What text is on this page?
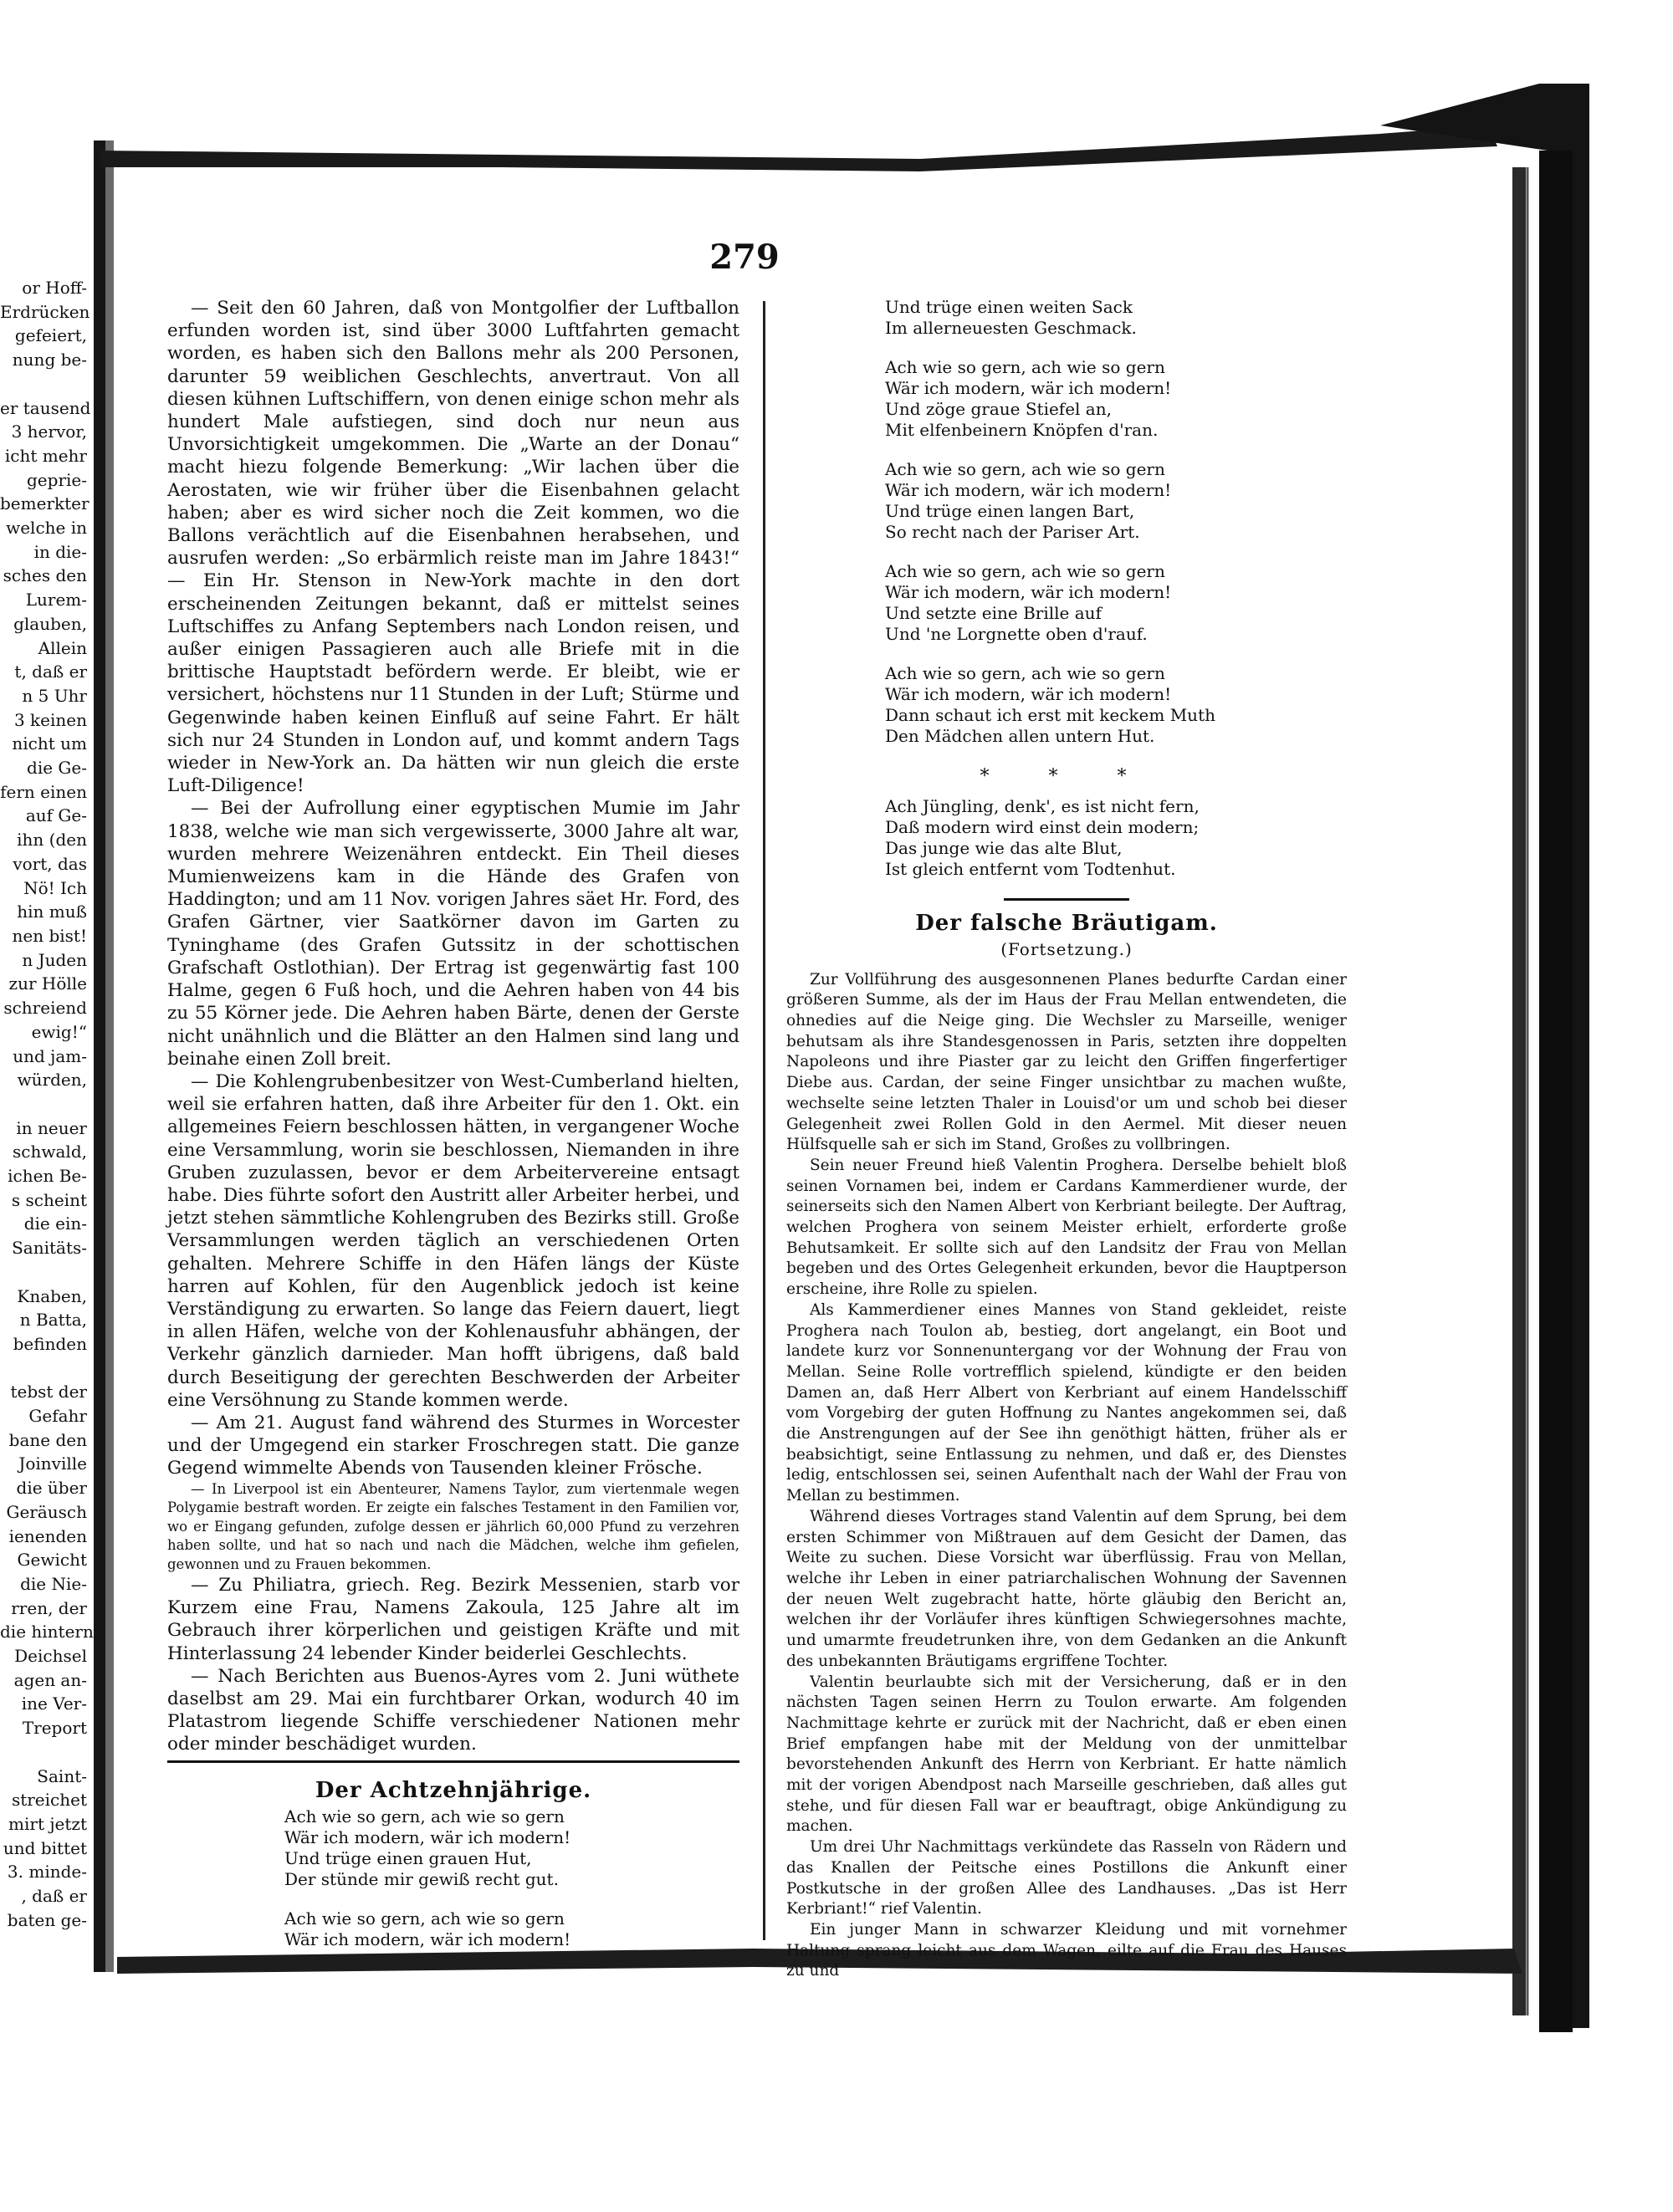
or Hoff-
Erdrücken
gefeiert,
nung be-

er tausend
3 hervor,
icht mehr
geprie-
bemerkter
welche in
in die-
sches den
Lurem-
glauben,
Allein
t, daß er
n 5 Uhr
3 keinen
nicht um
die Ge-
fern einen
auf Ge-
ihn (den
vort, das
Nö! Ich
hin muß
nen bist!
n Juden
zur Hölle
schreiend
ewig!“
und jam-
würden,

in neuer
schwald,
ichen Be-
s scheint
die ein-
Sanitäts-

Knaben,
n Batta,
befinden

tebst der
Gefahr
bane den
Joinville
die über
Geräusch
ienenden
Gewicht
die Nie-
rren, der
die hintern
Deichsel
agen an-
ine Ver-
Treport

Saint-
streichet
mirt jetzt
und bittet
3. minde-
, daß er
baten ge-
279

— Seit den 60 Jahren, daß von Montgolfier der Luftballon erfunden worden ist, sind über 3000 Luftfahrten gemacht worden, es haben sich den Ballons mehr als 200 Personen, darunter 59 weiblichen Geschlechts, anvertraut. Von all diesen kühnen Luftschiffern, von denen einige schon mehr als hundert Male aufstiegen, sind doch nur neun aus Unvorsichtigkeit umgekommen. Die „Warte an der Donau“ macht hiezu folgende Bemerkung: „Wir lachen über die Aerostaten, wie wir früher über die Eisenbahnen gelacht haben; aber es wird sicher noch die Zeit kommen, wo die Ballons verächtlich auf die Eisenbahnen herabsehen, und ausrufen werden: „So erbärmlich reiste man im Jahre 1843!“ — Ein Hr. Stenson in New-York machte in den dort erscheinenden Zeitungen bekannt, daß er mittelst seines Luftschiffes zu Anfang Septembers nach London reisen, und außer einigen Passagieren auch alle Briefe mit in die brittische Hauptstadt befördern werde. Er bleibt, wie er versichert, höchstens nur 11 Stunden in der Luft; Stürme und Gegenwinde haben keinen Einfluß auf seine Fahrt. Er hält sich nur 24 Stunden in London auf, und kommt andern Tags wieder in New-York an. Da hätten wir nun gleich die erste Luft-Diligence!

— Bei der Aufrollung einer egyptischen Mumie im Jahr 1838, welche wie man sich vergewisserte, 3000 Jahre alt war, wurden mehrere Weizenähren entdeckt. Ein Theil dieses Mumienweizens kam in die Hände des Grafen von Haddington; und am 11 Nov. vorigen Jahres säet Hr. Ford, des Grafen Gärtner, vier Saatkörner davon im Garten zu Tyninghame (des Grafen Gutssitz in der schottischen Grafschaft Ostlothian). Der Ertrag ist gegenwärtig fast 100 Halme, gegen 6 Fuß hoch, und die Aehren haben von 44 bis zu 55 Körner jede. Die Aehren haben Bärte, denen der Gerste nicht unähnlich und die Blätter an den Halmen sind lang und beinahe einen Zoll breit.

— Die Kohlengrubenbesitzer von West-Cumberland hielten, weil sie erfahren hatten, daß ihre Arbeiter für den 1. Okt. ein allgemeines Feiern beschlossen hätten, in vergangener Woche eine Versammlung, worin sie beschlossen, Niemanden in ihre Gruben zuzulassen, bevor er dem Arbeitervereine entsagt habe. Dies führte sofort den Austritt aller Arbeiter herbei, und jetzt stehen sämmtliche Kohlengruben des Bezirks still. Große Versammlungen werden täglich an verschiedenen Orten gehalten. Mehrere Schiffe in den Häfen längs der Küste harren auf Kohlen, für den Augenblick jedoch ist keine Verständigung zu erwarten. So lange das Feiern dauert, liegt in allen Häfen, welche von der Kohlenausfuhr abhängen, der Verkehr gänzlich darnieder. Man hofft übrigens, daß bald durch Beseitigung der gerechten Beschwerden der Arbeiter eine Versöhnung zu Stande kommen werde.

— Am 21. August fand während des Sturmes in Worcester und der Umgegend ein starker Froschregen statt. Die ganze Gegend wimmelte Abends von Tausenden kleiner Frösche.

— In Liverpool ist ein Abenteurer, Namens Taylor, zum viertenmale wegen Polygamie bestraft worden. Er zeigte ein falsches Testament in den Familien vor, wo er Eingang gefunden, zufolge dessen er jährlich 60,000 Pfund zu verzehren haben sollte, und hat so nach und nach die Mädchen, welche ihm gefielen, gewonnen und zu Frauen bekommen.

— Zu Philiatra, griech. Reg. Bezirk Messenien, starb vor Kurzem eine Frau, Namens Zakoula, 125 Jahre alt im Gebrauch ihrer körperlichen und geistigen Kräfte und mit Hinterlassung 24 lebender Kinder beiderlei Geschlechts.

— Nach Berichten aus Buenos-Ayres vom 2. Juni wüthete daselbst am 29. Mai ein furchtbarer Orkan, wodurch 40 im Platastrom liegende Schiffe verschiedener Nationen mehr oder minder beschädiget wurden.

Der Achtzehnjährige.
Ach wie so gern, ach wie so gern
Wär ich modern, wär ich modern!
Und trüge einen grauen Hut,
Der stünde mir gewiß recht gut.
Ach wie so gern, ach wie so gern
Wär ich modern, wär ich modern!
Und trüge einen weiten Sack
Im allerneuesten Geschmack.
Ach wie so gern, ach wie so gern
Wär ich modern, wär ich modern!
Und zöge graue Stiefel an,
Mit elfenbeinern Knöpfen d'ran.
Ach wie so gern, ach wie so gern
Wär ich modern, wär ich modern!
Und trüge einen langen Bart,
So recht nach der Pariser Art.
Ach wie so gern, ach wie so gern
Wär ich modern, wär ich modern!
Und setzte eine Brille auf
Und 'ne Lorgnette oben d'rauf.
Ach wie so gern, ach wie so gern
Wär ich modern, wär ich modern!
Dann schaut ich erst mit keckem Muth
Den Mädchen allen untern Hut.
* * *
Ach Jüngling, denk', es ist nicht fern,
Daß modern wird einst dein modern;
Das junge wie das alte Blut,
Ist gleich entfernt vom Todtenhut.
Der falsche Bräutigam.
(Fortsetzung.)

Zur Vollführung des ausgesonnenen Planes bedurfte Cardan einer größeren Summe, als der im Haus der Frau Mellan entwendeten, die ohnedies auf die Neige ging. Die Wechsler zu Marseille, weniger behutsam als ihre Standesgenossen in Paris, setzten ihre doppelten Napoleons und ihre Piaster gar zu leicht den Griffen fingerfertiger Diebe aus. Cardan, der seine Finger unsichtbar zu machen wußte, wechselte seine letzten Thaler in Louisd'or um und schob bei dieser Gelegenheit zwei Rollen Gold in den Aermel. Mit dieser neuen Hülfsquelle sah er sich im Stand, Großes zu vollbringen.

Sein neuer Freund hieß Valentin Proghera. Derselbe behielt bloß seinen Vornamen bei, indem er Cardans Kammerdiener wurde, der seinerseits sich den Namen Albert von Kerbriant beilegte. Der Auftrag, welchen Proghera von seinem Meister erhielt, erforderte große Behutsamkeit. Er sollte sich auf den Landsitz der Frau von Mellan begeben und des Ortes Gelegenheit erkunden, bevor die Hauptperson erscheine, ihre Rolle zu spielen.

Als Kammerdiener eines Mannes von Stand gekleidet, reiste Proghera nach Toulon ab, bestieg, dort angelangt, ein Boot und landete kurz vor Sonnenuntergang vor der Wohnung der Frau von Mellan. Seine Rolle vortrefflich spielend, kündigte er den beiden Damen an, daß Herr Albert von Kerbriant auf einem Handelsschiff vom Vorgebirg der guten Hoffnung zu Nantes angekommen sei, daß die Anstrengungen auf der See ihn genöthigt hätten, früher als er beabsichtigt, seine Entlassung zu nehmen, und daß er, des Dienstes ledig, entschlossen sei, seinen Aufenthalt nach der Wahl der Frau von Mellan zu bestimmen.

Während dieses Vortrages stand Valentin auf dem Sprung, bei dem ersten Schimmer von Mißtrauen auf dem Gesicht der Damen, das Weite zu suchen. Diese Vorsicht war überflüssig. Frau von Mellan, welche ihr Leben in einer patriarchalischen Wohnung der Savennen der neuen Welt zugebracht hatte, hörte gläubig den Bericht an, welchen ihr der Vorläufer ihres künftigen Schwiegersohnes machte, und umarmte freudetrunken ihre, von dem Gedanken an die Ankunft des unbekannten Bräutigams ergriffene Tochter.

Valentin beurlaubte sich mit der Versicherung, daß er in den nächsten Tagen seinen Herrn zu Toulon erwarte. Am folgenden Nachmittage kehrte er zurück mit der Nachricht, daß er eben einen Brief empfangen habe mit der Meldung von der unmittelbar bevorstehenden Ankunft des Herrn von Kerbriant. Er hatte nämlich mit der vorigen Abendpost nach Marseille geschrieben, daß alles gut stehe, und für diesen Fall war er beauftragt, obige Ankündigung zu machen.

Um drei Uhr Nachmittags verkündete das Rasseln von Rädern und das Knallen der Peitsche eines Postillons die Ankunft einer Postkutsche in der großen Allee des Landhauses. „Das ist Herr Kerbriant!“ rief Valentin.

Ein junger Mann in schwarzer Kleidung und mit vornehmer Haltung sprang leicht aus dem Wagen, eilte auf die Frau des Hauses zu und
